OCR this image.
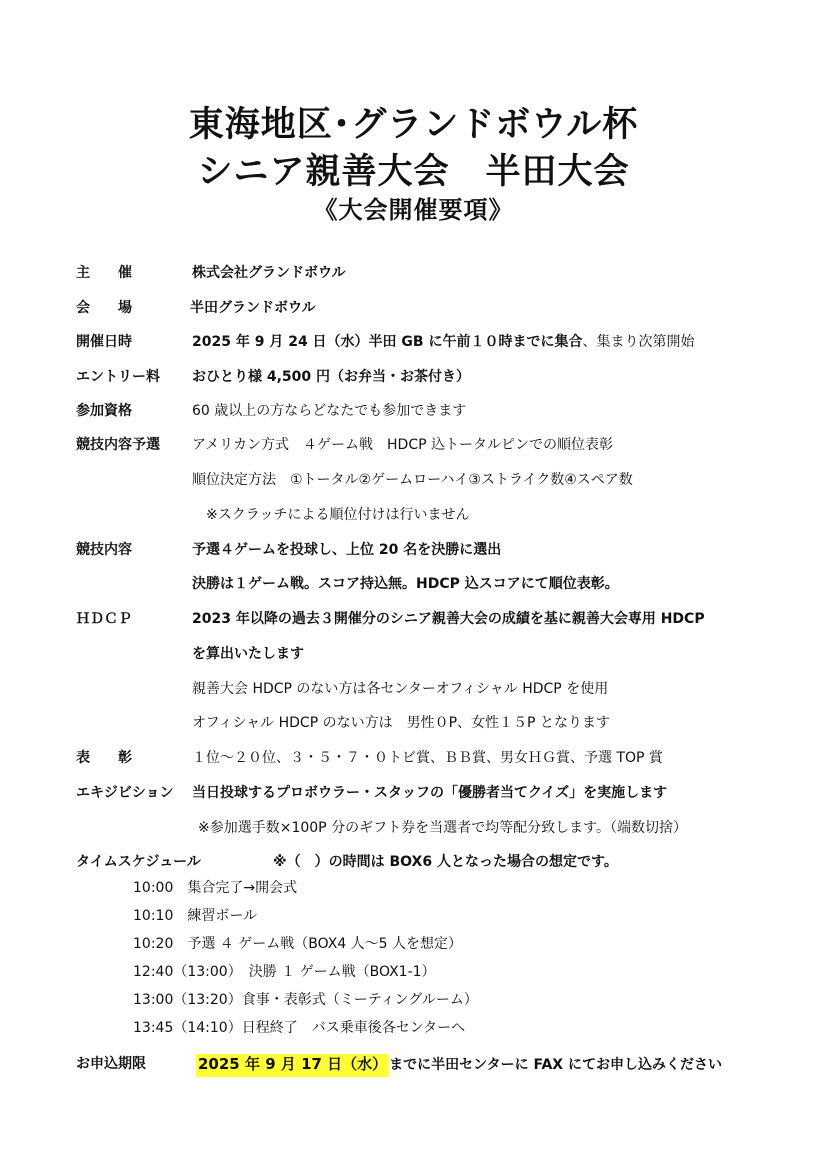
東海地区･グランドボウル杯
シニア親善大会　半田大会
《大会開催要項》
主　　催	株式会社グランドボウル
会　　場	半田グランドボウル
開催日時	2025 年 9 月 24 日（水）半田 GB に午前１０時までに集合、集まり次第開始
エントリー料 おひとり様 4,500 円（お弁当・お茶付き）
参加資格	60 歳以上の方ならどなたでも参加できます
競技内容予選 アメリカン方式　４ゲーム戦　HDCP 込トータルピンでの順位表彰
順位決定方法　①トータル②ゲームローハイ③ストライク数④スペア数
※スクラッチによる順位付けは行いません
競技内容	予選４ゲームを投球し、上位 20 名を決勝に選出
決勝は１ゲーム戦。スコア持込無。HDCP 込スコアにて順位表彰。
ＨＤＣＰ	2023 年以降の過去３開催分のシニア親善大会の成績を基に親善大会専用 HDCP
を算出いたします
親善大会 HDCP のない方は各センターオフィシャル HDCP を使用
オフィシャル HDCP のない方は　男性０P、女性１５P となります
表　　彰	１位～２０位、３・５・７・０トビ賞、ＢＢ賞、男女ＨＧ賞、予選 TOP 賞
エキジビション 当日投球するプロボウラー・スタッフの「優勝者当てクイズ」を実施します
※参加選手数×100P 分のギフト券を当選者で均等配分致します。（端数切捨）
タイムスケジュール	※（　）の時間は BOX6 人となった場合の想定です。
10:00　集合完了→開会式
10:10　練習ボール
10:20　予選 ４ ゲーム戦（BOX4 人～5 人を想定）
12:40（13:00）　決勝 １ ゲーム戦（BOX1-1）
13:00（13:20）食事・表彰式（ミーティングルーム）
13:45（14:10）日程終了　バス乗車後各センターへ
お申込期限	2025 年 9 月 17 日（水） までに半田センターに FAX にてお申し込みください
